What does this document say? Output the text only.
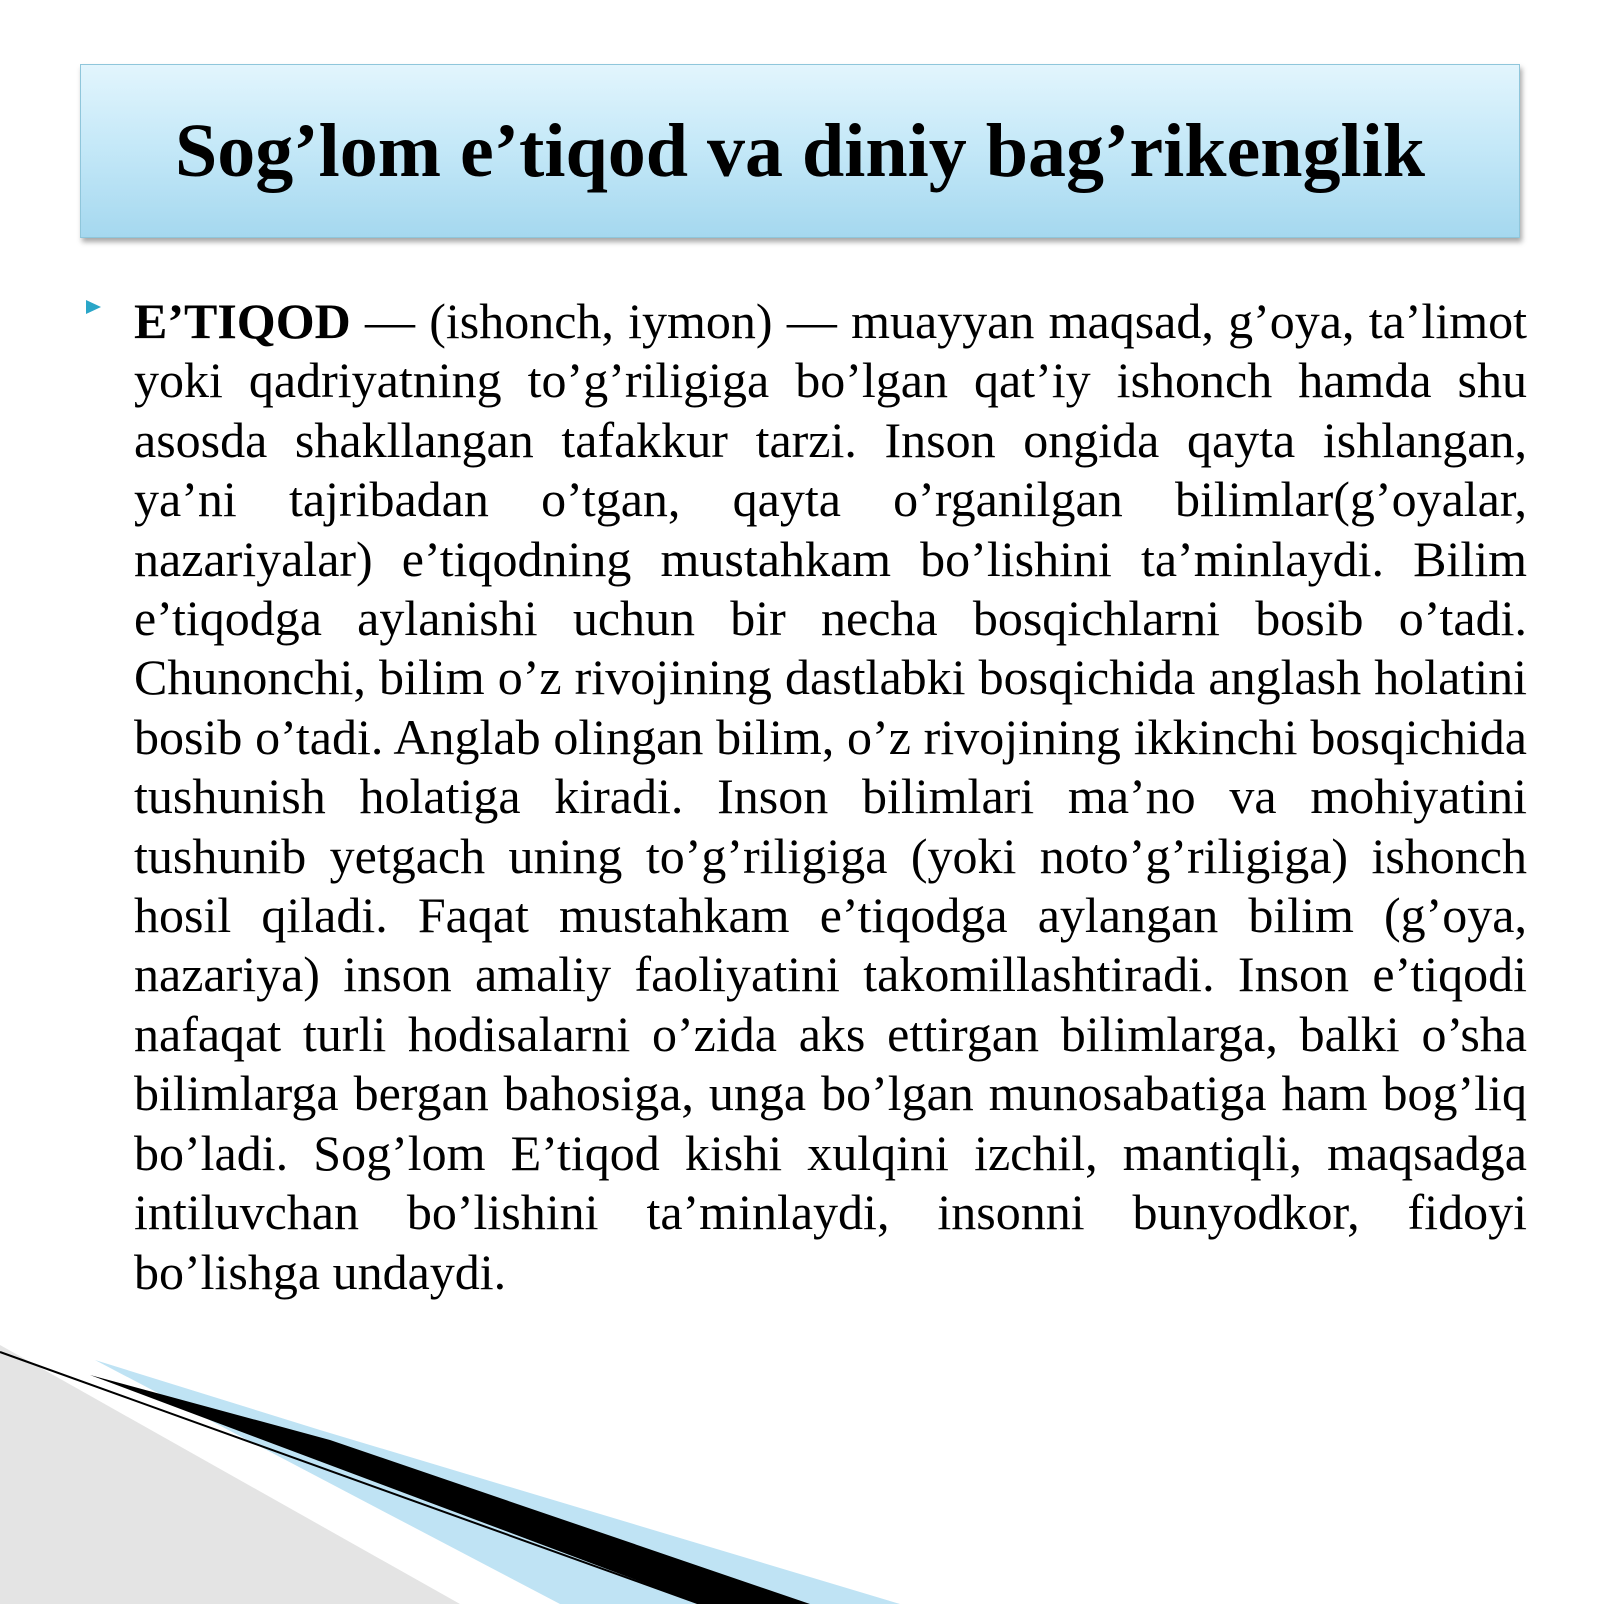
Sog’lom e’tiqod va diniy bag’rikenglik

E’TIQOD — (ishonch, iymon) — muayyan maqsad, g’oya, ta’limot yoki qadriyatning to’g’riligiga bo’lgan qat’iy ishonch hamda shu asosda shakllangan tafakkur tarzi. Inson ongida qayta ishlangan, ya’ni tajribadan o’tgan, qayta o’rganilgan bilimlar(g’oyalar, nazariyalar) e’tiqodning mustahkam bo’lishini ta’minlaydi. Bilim e’tiqodga aylanishi uchun bir necha bosqichlarni bosib o’tadi. Chunonchi, bilim o’z rivojining dastlabki bosqichida anglash holatini bosib o’tadi. Anglab olingan bilim, o’z rivojining ikkinchi bosqichida tushunish holatiga kiradi. Inson bilimlari ma’no va mohiyatini tushunib yetgach uning to’g’riligiga (yoki noto’g’riligiga) ishonch hosil qiladi. Faqat mustahkam e’tiqodga aylangan bilim (g’oya, nazariya) inson amaliy faoliyatini takomillashtiradi. Inson e’tiqodi nafaqat turli hodisalarni o’zida aks ettirgan bilimlarga, balki o’sha bilimlarga bergan bahosiga, unga bo’lgan munosabatiga ham bog’liq bo’ladi. Sog’lom E’tiqod kishi xulqini izchil, mantiqli, maqsadga intiluvchan bo’lishini ta’minlaydi, insonni bunyodkor, fidoyi bo’lishga undaydi.
